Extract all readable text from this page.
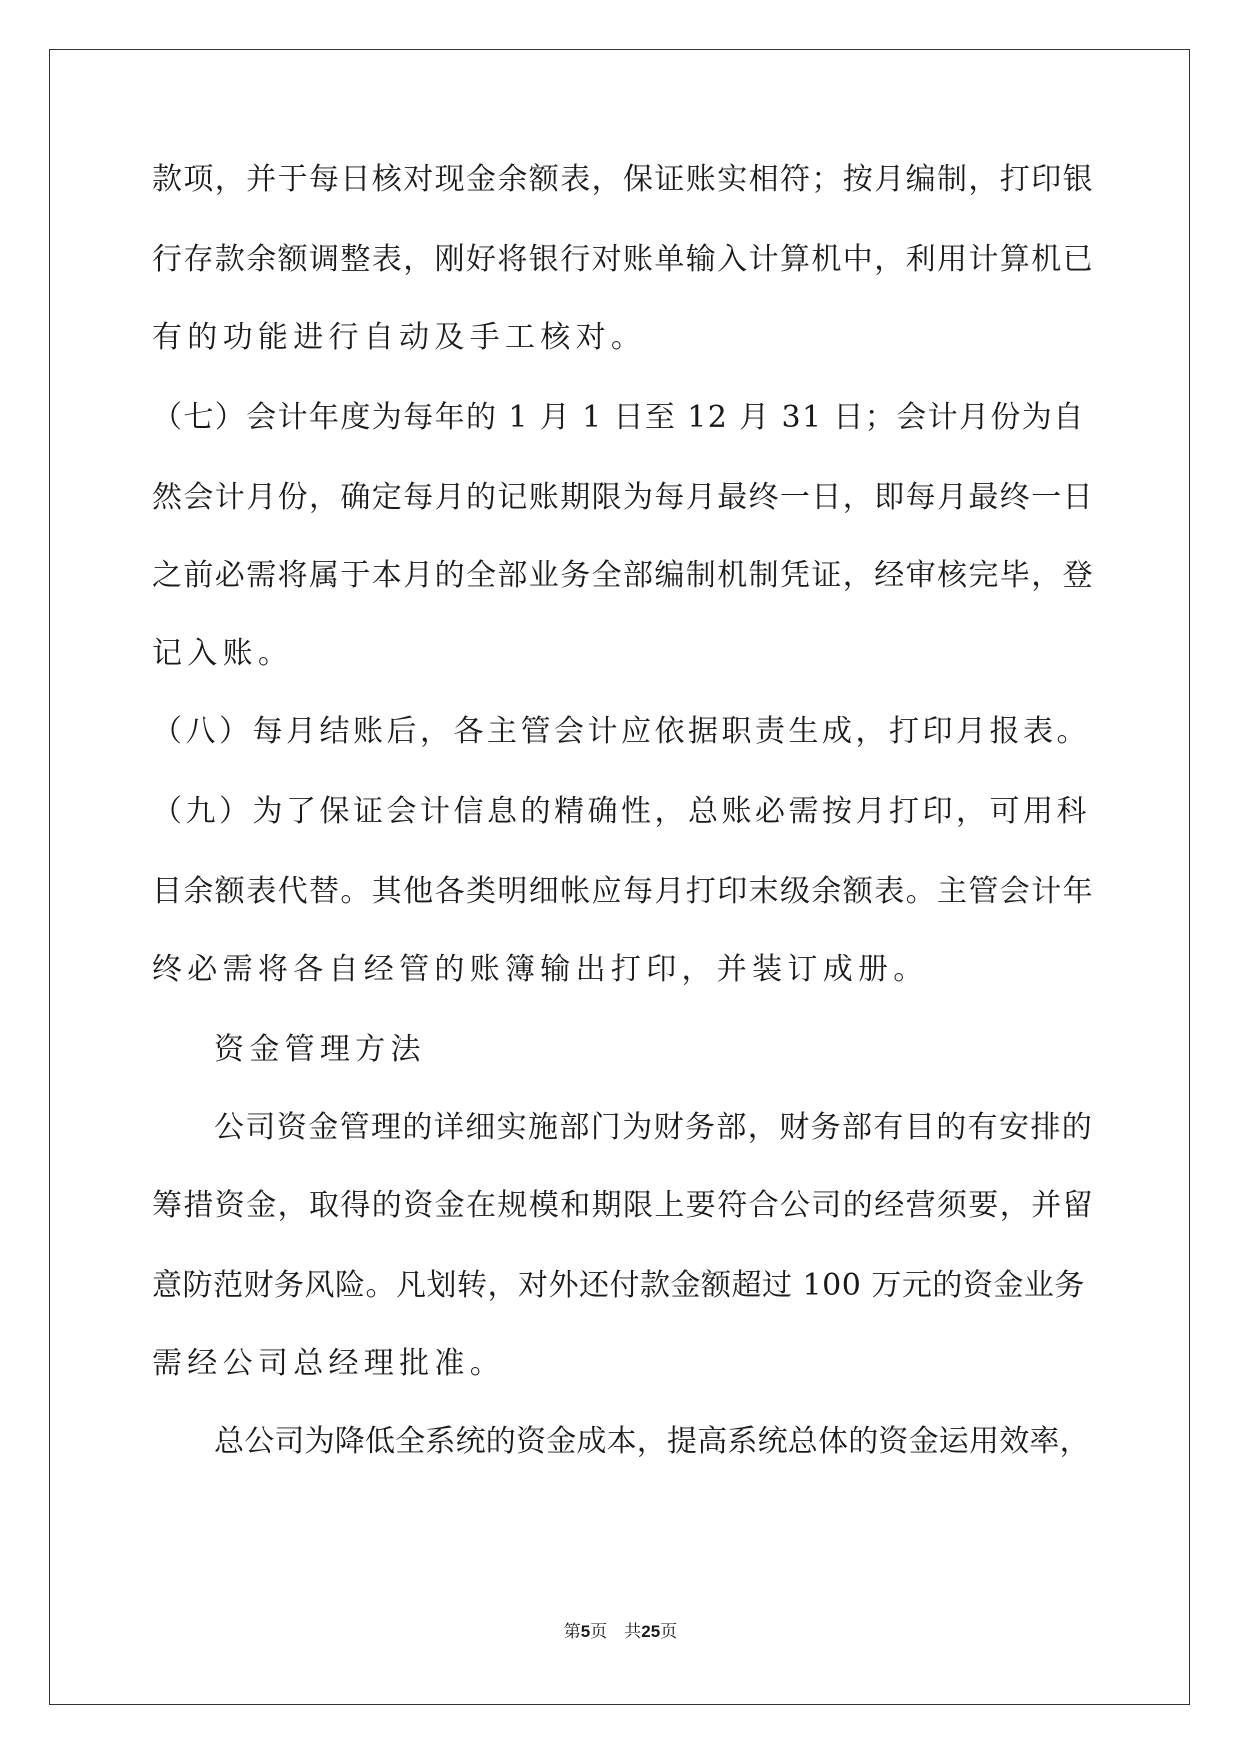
款项，并于每日核对现金余额表，保证账实相符；按月编制，打印银
行存款余额调整表，刚好将银行对账单输入计算机中，利用计算机已
有的功能进行自动及手工核对。
（七）会计年度为每年的 1 月 1 日至 12 月 31 日；会计月份为自
然会计月份，确定每月的记账期限为每月最终一日，即每月最终一日
之前必需将属于本月的全部业务全部编制机制凭证，经审核完毕，登
记入账。
（八）每月结账后，各主管会计应依据职责生成，打印月报表。
（九）为了保证会计信息的精确性，总账必需按月打印，可用科
目余额表代替。其他各类明细帐应每月打印末级余额表。主管会计年
终必需将各自经管的账簿输出打印，并装订成册。
资金管理方法
公司资金管理的详细实施部门为财务部，财务部有目的有安排的
筹措资金，取得的资金在规模和期限上要符合公司的经营须要，并留
意防范财务风险。凡划转，对外还付款金额超过 100 万元的资金业务
需经公司总经理批准。
总公司为降低全系统的资金成本，提高系统总体的资金运用效率，
第5页　共25页
